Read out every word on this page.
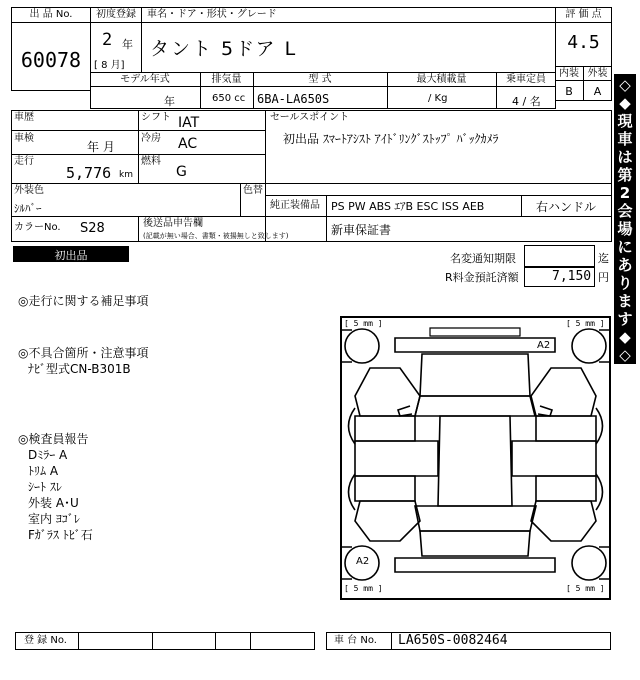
出 品 No.
60078
初度登録
2 年
[ 8 月]
車名・ドア・形状・グレード
タント 5ドア L
評 価 点
4.5
内装 外装
B	A
モデル年式	排気量	型 式	最大積載量	乗車定員
年	650 cc 6BA-LA650S	/ Kg	4 / 名
◇
◆
現
車
は
第
2
会
場
に
あ
り
ま
す
◆
◇
車歴	シフト IAT
車検
年 月
冷房 AC
走行
5,776 km
燃料
G
セールスポイント
初出品 ｽﾏｰﾄｱｼｽﾄ ｱｲﾄﾞﾘﾝｸﾞｽﾄｯﾌﾟ ﾊﾞｯｸｶﾒﾗ
外装色
ｼﾙﾊﾞｰ
色替
純正装備品 PS PW ABS ｴｱB ESC ISS AEB	右ハンドル
カラーNo. S28	後送品申告欄
(記載が無い場合、書類・被揚無しと致します)	新車保証書
初出品	名変通知期限	迄
R料金預託済額	7,150 円
◎走行に関する補足事項
◎不具合箇所・注意事項
ﾅﾋﾞ型式CN-B301B
◎検査員報告
Dﾐﾗｰ A
ﾄﾘﾑ A
ｼｰﾄ ｽﾚ
外装 A･U
室内 ﾖｺﾞﾚ
Fｶﾞﾗｽ ﾄﾋﾞ石
[ 5 mm ]	[ 5 mm ]
[ 5 mm ]	[ 5 mm ]
A2
A2
登 録 No.	車 台 No. LA650S-0082464
